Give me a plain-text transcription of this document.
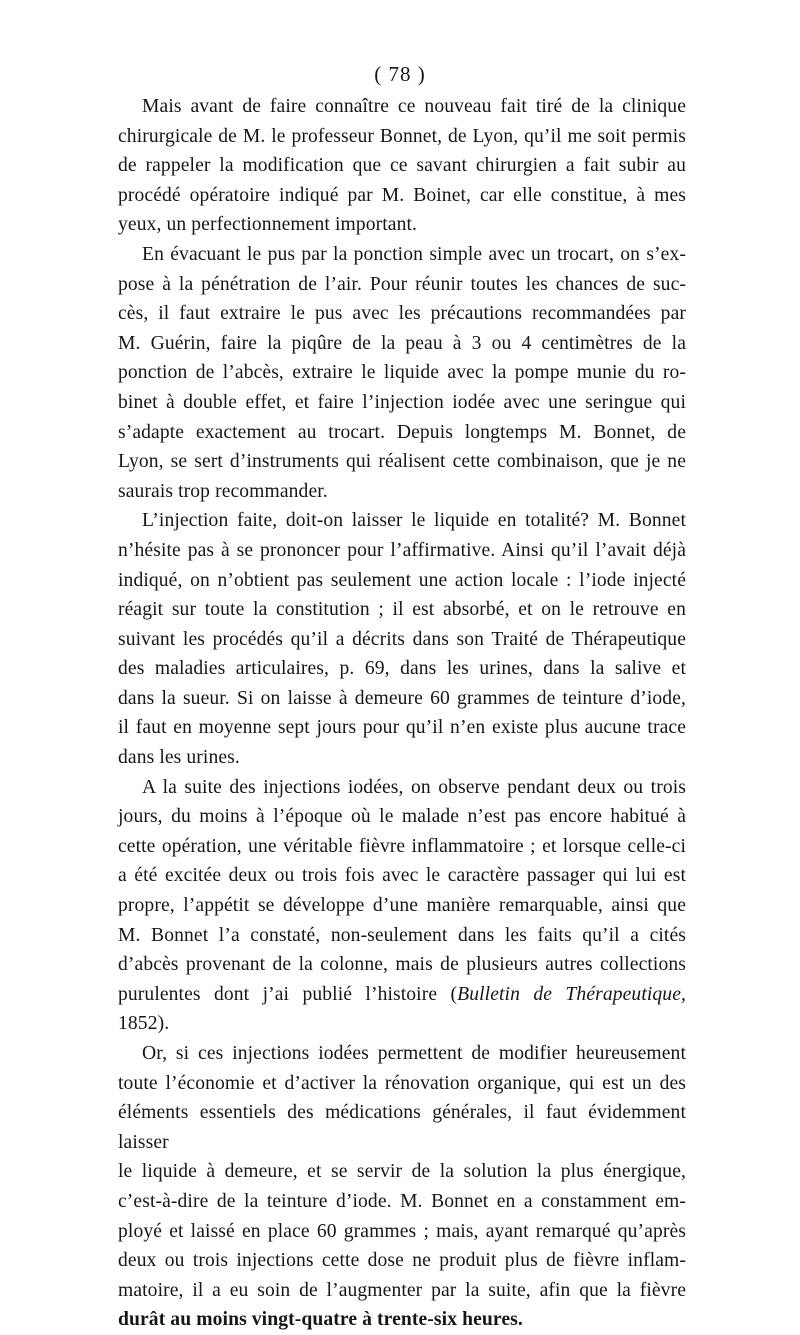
( 78 )

Mais avant de faire connaître ce nouveau fait tiré de la clinique
chirurgicale de M. le professeur Bonnet, de Lyon, qu’il me soit permis
de rappeler la modification que ce savant chirurgien a fait subir au
procédé opératoire indiqué par M. Boinet, car elle constitue, à mes
yeux, un perfectionnement important.
En évacuant le pus par la ponction simple avec un trocart, on s’ex-
pose à la pénétration de l’air. Pour réunir toutes les chances de suc-
cès, il faut extraire le pus avec les précautions recommandées par
M. Guérin, faire la piqûre de la peau à 3 ou 4 centimètres de la
ponction de l’abcès, extraire le liquide avec la pompe munie du ro-
binet à double effet, et faire l’injection iodée avec une seringue qui
s’adapte exactement au trocart. Depuis longtemps M. Bonnet, de
Lyon, se sert d’instruments qui réalisent cette combinaison, que je ne
saurais trop recommander.
L’injection faite, doit-on laisser le liquide en totalité? M. Bonnet
n’hésite pas à se prononcer pour l’affirmative. Ainsi qu’il l’avait déjà
indiqué, on n’obtient pas seulement une action locale : l’iode injecté
réagit sur toute la constitution ; il est absorbé, et on le retrouve en
suivant les procédés qu’il a décrits dans son Traité de Thérapeutique
des maladies articulaires, p. 69, dans les urines, dans la salive et
dans la sueur. Si on laisse à demeure 60 grammes de teinture d’iode,
il faut en moyenne sept jours pour qu’il n’en existe plus aucune trace
dans les urines.
A la suite des injections iodées, on observe pendant deux ou trois
jours, du moins à l’époque où le malade n’est pas encore habitué à
cette opération, une véritable fièvre inflammatoire ; et lorsque celle-ci
a été excitée deux ou trois fois avec le caractère passager qui lui est
propre, l’appétit se développe d’une manière remarquable, ainsi que
M. Bonnet l’a constaté, non-seulement dans les faits qu’il a cités
d’abcès provenant de la colonne, mais de plusieurs autres collections
purulentes dont j’ai publié l’histoire (Bulletin de Thérapeutique,
1852).
Or, si ces injections iodées permettent de modifier heureusement
toute l’économie et d’activer la rénovation organique, qui est un des
éléments essentiels des médications générales, il faut évidemment laisser
le liquide à demeure, et se servir de la solution la plus énergique,
c’est-à-dire de la teinture d’iode. M. Bonnet en a constamment em-
ployé et laissé en place 60 grammes ; mais, ayant remarqué qu’après
deux ou trois injections cette dose ne produit plus de fièvre inflam-
matoire, il a eu soin de l’augmenter par la suite, afin que la fièvre
durât au moins vingt-quatre à trente-six heures.
